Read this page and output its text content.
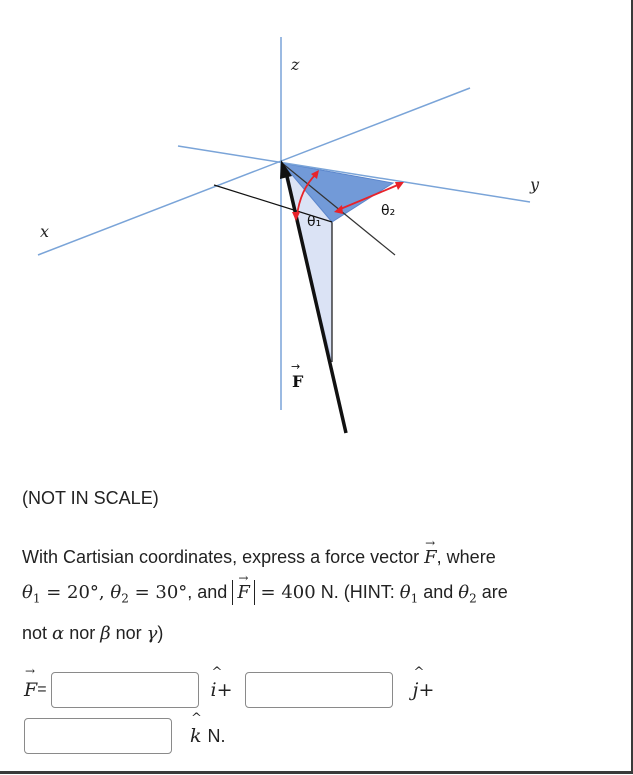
z
y
x	θ₁
θ₂
→
F
(NOT IN SCALE)
With Cartisian coordinates, express a force vector → F, where
$\theta_1 = 20^\circ$, $\theta_2 = 30^\circ$, and → F = 400 N. (HINT: $\theta_1$ and $\theta_2$ are
not α nor β nor γ)
→ F =	^ i+	^ j+
^ k N.
